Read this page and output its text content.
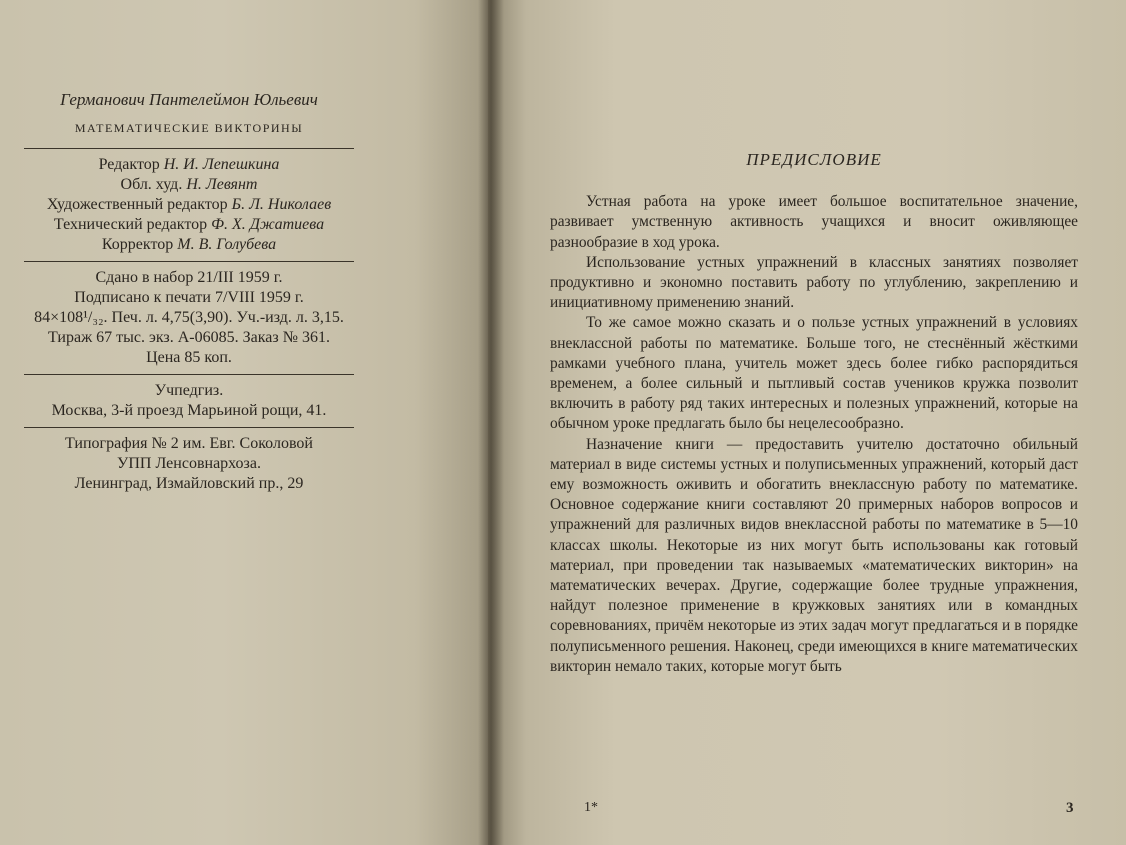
Германович Пантелеймон Юльевич

МАТЕМАТИЧЕСКИЕ ВИКТОРИНЫ

Редактор Н. И. Лепешкина

Обл. худ. Н. Левянт

Художественный редактор Б. Л. Николаев

Технический редактор Ф. Х. Джатиева

Корректор М. В. Голубева

Сдано в набор 21/III 1959 г.

Подписано к печати 7/VIII 1959 г.

84×108¹/₃₂. Печ. л. 4,75(3,90). Уч.-изд. л. 3,15.

Тираж 67 тыс. экз. А-06085. Заказ № 361.

Цена 85 коп.

Учпедгиз.

Москва, 3-й проезд Марьиной рощи, 41.

Типография № 2 им. Евг. Соколовой

УПП Ленсовнархоза.

Ленинград, Измайловский пр., 29

ПРЕДИСЛОВИЕ

Устная работа на уроке имеет большое воспитательное значение, развивает умственную активность учащихся и вносит оживляющее разнообразие в ход урока.

Использование устных упражнений в классных занятиях позволяет продуктивно и экономно поставить работу по углублению, закреплению и инициативному применению знаний.

То же самое можно сказать и о пользе устных упражнений в условиях внеклассной работы по математике. Больше того, не стеснённый жёсткими рамками учебного плана, учитель может здесь более гибко распорядиться временем, а более сильный и пытливый состав учеников кружка позволит включить в работу ряд таких интересных и полезных упражнений, которые на обычном уроке предлагать было бы нецелесообразно.

Назначение книги — предоставить учителю достаточно обильный материал в виде системы устных и полуписьменных упражнений, который даст ему возможность оживить и обогатить внеклассную работу по математике. Основное содержание книги составляют 20 примерных наборов вопросов и упражнений для различных видов внеклассной работы по математике в 5—10 классах школы. Некоторые из них могут быть использованы как готовый материал, при проведении так называемых «математических викторин» на математических вечерах. Другие, содержащие более трудные упражнения, найдут полезное применение в кружковых занятиях или в командных соревнованиях, причём некоторые из этих задач могут предлагаться и в порядке полуписьменного решения. Наконец, среди имеющихся в книге математических викторин немало таких, которые могут быть

1*	3
